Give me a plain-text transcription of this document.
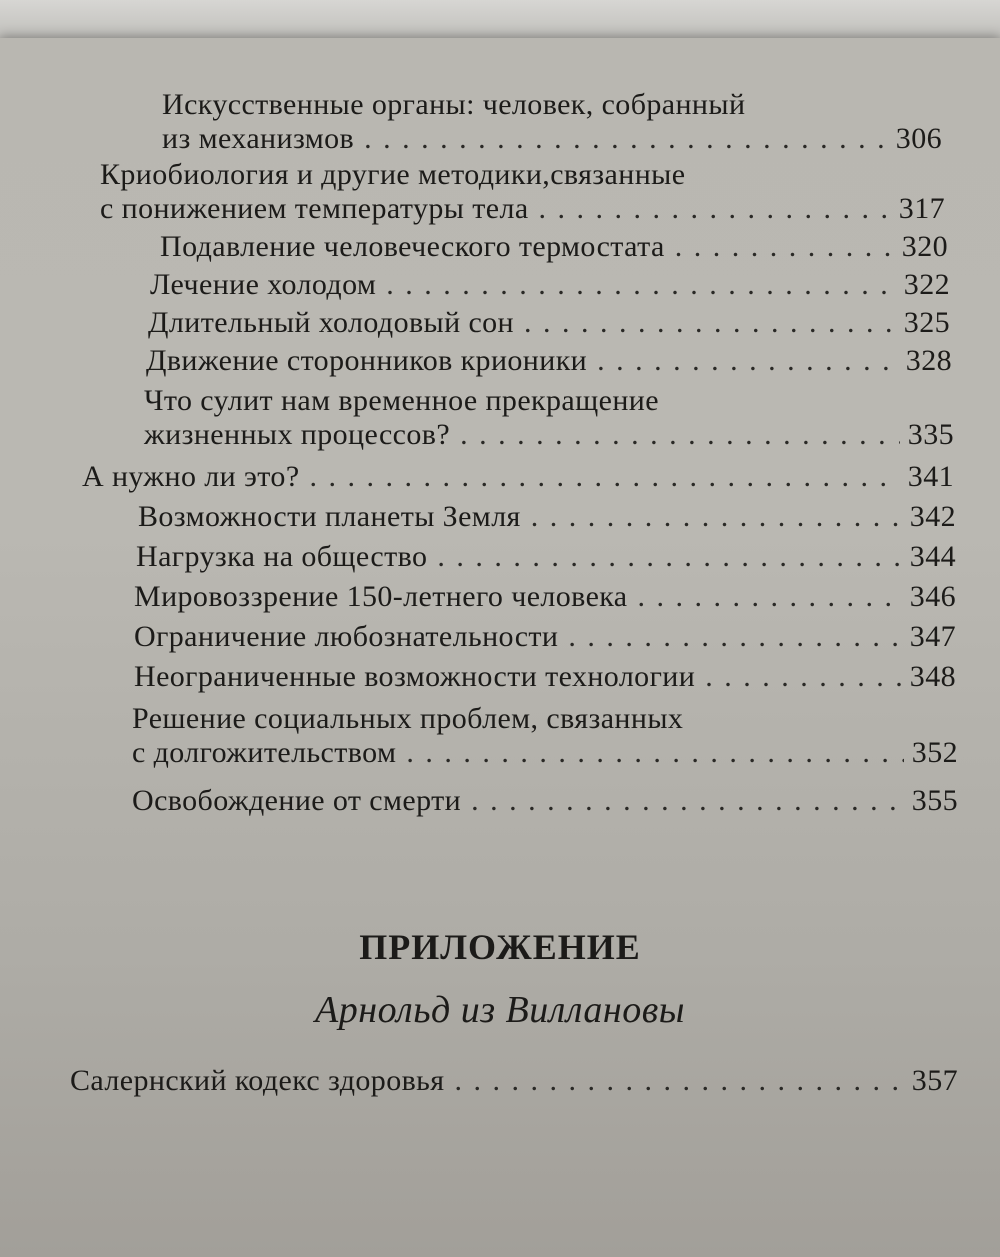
Искусственные органы: человек, собранный
из механизмов . . .	306
Криобиология и другие методики,связанные
с понижением температуры тела . . .	317
Подавление человеческого термостата . . .	320
Лечение холодом . . .	322
Длительный холодовый сон . . .	325
Движение сторонников крионики . . .	328
Что сулит нам временное прекращение
жизненных процессов? . . .	335
А нужно ли это? . . .	341
Возможности планеты Земля . . .	342
Нагрузка на общество . . .	344
Мировоззрение 150-летнего человека . . .	346
Ограничение любознательности . . .	347
Неограниченные возможности технологии . . .	348
Решение социальных проблем, связанных
с долгожительством . . .	352
Освобождение от смерти . . .	355
ПРИЛОЖЕНИЕ
Арнольд из Виллановы
Салернский кодекс здоровья . . .	357
